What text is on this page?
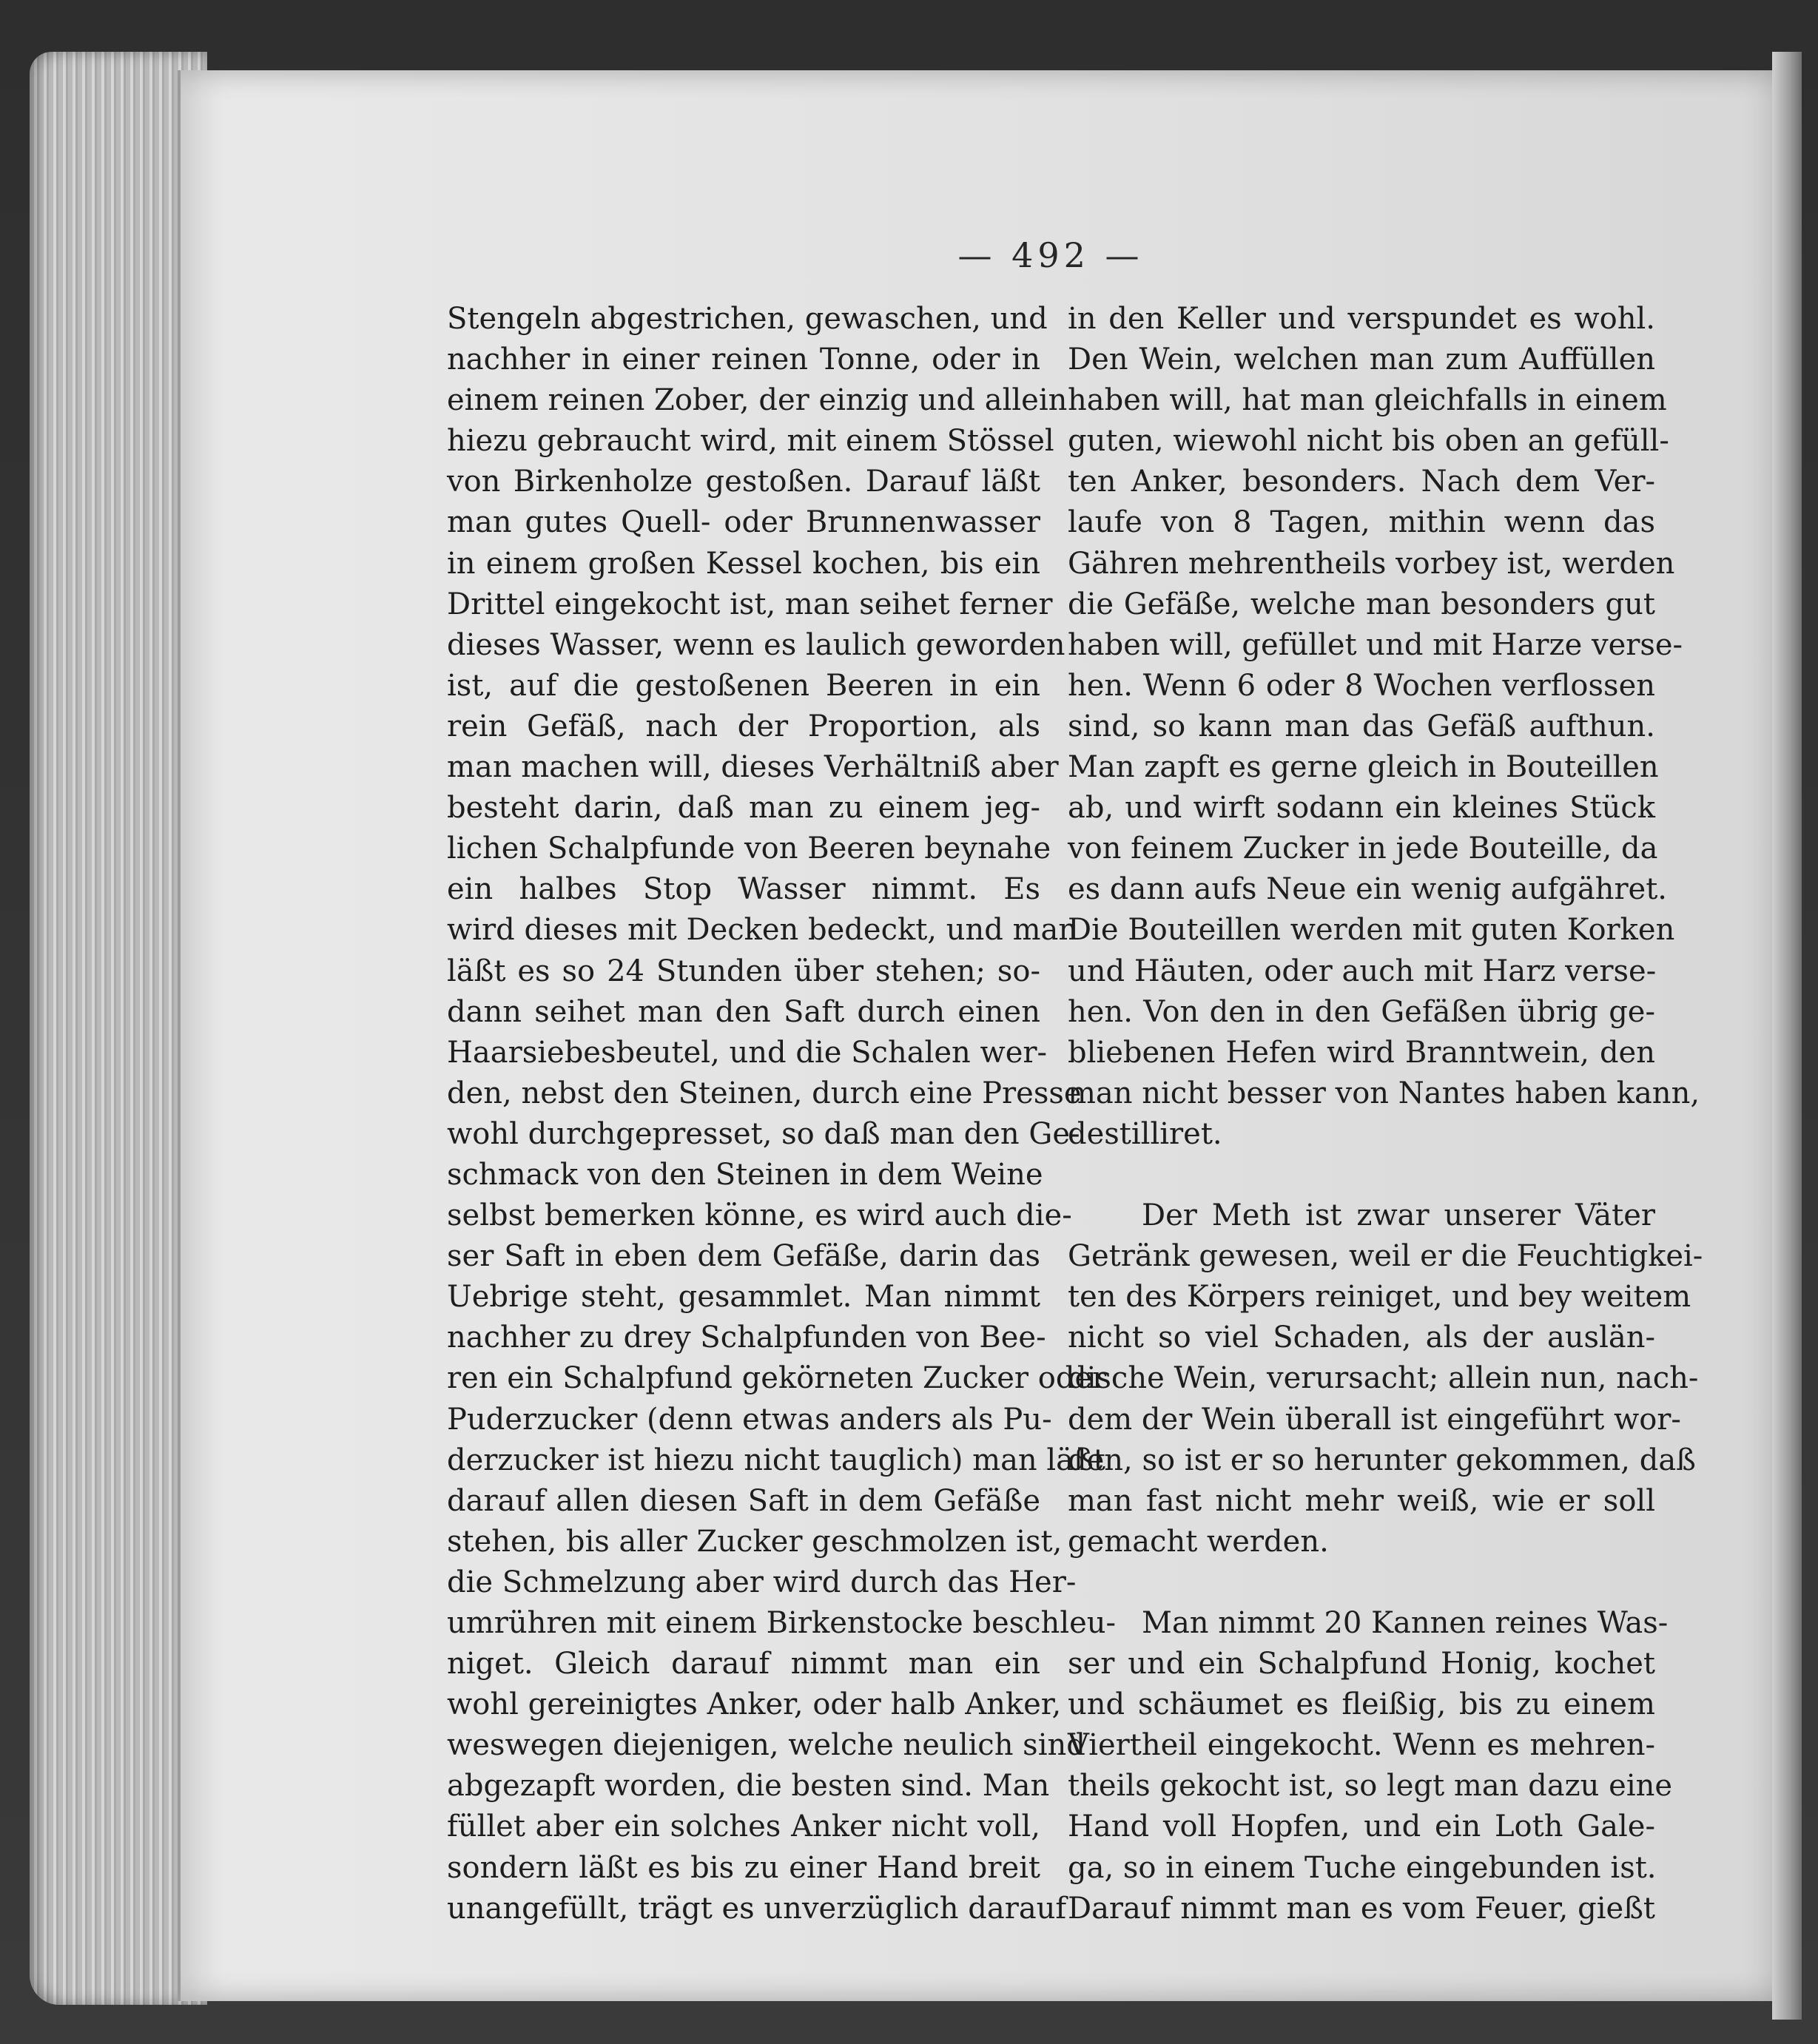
— 492 —
Stengeln abgestrichen, gewaschen, und
nachher in einer reinen Tonne, oder in
einem reinen Zober, der einzig und allein
hiezu gebraucht wird, mit einem Stössel
von Birkenholze gestoßen. Darauf läßt
man gutes Quell- oder Brunnenwasser
in einem großen Kessel kochen, bis ein
Drittel eingekocht ist, man seihet ferner
dieses Wasser, wenn es laulich geworden
ist, auf die gestoßenen Beeren in ein
rein Gefäß, nach der Proportion, als
man machen will, dieses Verhältniß aber
besteht darin, daß man zu einem jeg-
lichen Schalpfunde von Beeren beynahe
ein halbes Stop Wasser nimmt. Es
wird dieses mit Decken bedeckt, und man
läßt es so 24 Stunden über stehen; so-
dann seihet man den Saft durch einen
Haarsiebesbeutel, und die Schalen wer-
den, nebst den Steinen, durch eine Presse
wohl durchgepresset, so daß man den Ge-
schmack von den Steinen in dem Weine
selbst bemerken könne, es wird auch die-
ser Saft in eben dem Gefäße, darin das
Uebrige steht, gesammlet. Man nimmt
nachher zu drey Schalpfunden von Bee-
ren ein Schalpfund gekörneten Zucker oder
Puderzucker (denn etwas anders als Pu-
derzucker ist hiezu nicht tauglich) man läßt
darauf allen diesen Saft in dem Gefäße
stehen, bis aller Zucker geschmolzen ist,
die Schmelzung aber wird durch das Her-
umrühren mit einem Birkenstocke beschleu-
niget. Gleich darauf nimmt man ein
wohl gereinigtes Anker, oder halb Anker,
weswegen diejenigen, welche neulich sind
abgezapft worden, die besten sind. Man
füllet aber ein solches Anker nicht voll,
sondern läßt es bis zu einer Hand breit
unangefüllt, trägt es unverzüglich darauf
in den Keller und verspundet es wohl.
Den Wein, welchen man zum Auffüllen
haben will, hat man gleichfalls in einem
guten, wiewohl nicht bis oben an gefüll-
ten Anker, besonders. Nach dem Ver-
laufe von 8 Tagen, mithin wenn das
Gähren mehrentheils vorbey ist, werden
die Gefäße, welche man besonders gut
haben will, gefüllet und mit Harze verse-
hen. Wenn 6 oder 8 Wochen verflossen
sind, so kann man das Gefäß aufthun.
Man zapft es gerne gleich in Bouteillen
ab, und wirft sodann ein kleines Stück
von feinem Zucker in jede Bouteille, da
es dann aufs Neue ein wenig aufgähret.
Die Bouteillen werden mit guten Korken
und Häuten, oder auch mit Harz verse-
hen. Von den in den Gefäßen übrig ge-
bliebenen Hefen wird Branntwein, den
man nicht besser von Nantes haben kann,
destilliret.
Der Meth ist zwar unserer Väter
Getränk gewesen, weil er die Feuchtigkei-
ten des Körpers reiniget, und bey weitem
nicht so viel Schaden, als der auslän-
dische Wein, verursacht; allein nun, nach-
dem der Wein überall ist eingeführt wor-
den, so ist er so herunter gekommen, daß
man fast nicht mehr weiß, wie er soll
gemacht werden.
Man nimmt 20 Kannen reines Was-
ser und ein Schalpfund Honig, kochet
und schäumet es fleißig, bis zu einem
Viertheil eingekocht. Wenn es mehren-
theils gekocht ist, so legt man dazu eine
Hand voll Hopfen, und ein Loth Gale-
ga, so in einem Tuche eingebunden ist.
Darauf nimmt man es vom Feuer, gießt
